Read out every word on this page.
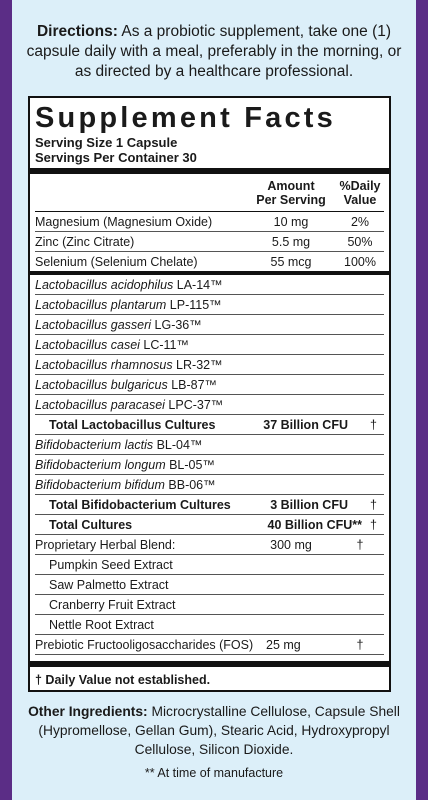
Directions: As a probiotic supplement, take one (1) capsule daily with a meal, preferably in the morning, or as directed by a healthcare professional.
Supplement Facts
Serving Size 1 Capsule
Servings Per Container 30
Amount
Per Serving
%Daily
Value
Magnesium (Magnesium Oxide)	10 mg	2%
Zinc (Zinc Citrate)	5.5 mg	50%
Selenium (Selenium Chelate)	55 mcg	100%
Lactobacillus acidophilus LA-14™
Lactobacillus plantarum LP-115™
Lactobacillus gasseri LG-36™
Lactobacillus casei LC-11™
Lactobacillus rhamnosus LR-32™
Lactobacillus bulgaricus LB-87™
Lactobacillus paracasei LPC-37™
Total Lactobacillus Cultures	37 Billion CFU †
Bifidobacterium lactis BL-04™
Bifidobacterium longum BL-05™
Bifidobacterium bifidum BB-06™
Total Bifidobacterium Cultures	3 Billion CFU †
Total Cultures	40 Billion CFU** †
Proprietary Herbal Blend:	300 mg	†
Pumpkin Seed Extract
Saw Palmetto Extract
Cranberry Fruit Extract
Nettle Root Extract
Prebiotic Fructooligosaccharides (FOS)	25 mg	†
† Daily Value not established.
Other Ingredients: Microcrystalline Cellulose, Capsule Shell (Hypromellose, Gellan Gum), Stearic Acid, Hydroxypropyl Cellulose, Silicon Dioxide.
** At time of manufacture
